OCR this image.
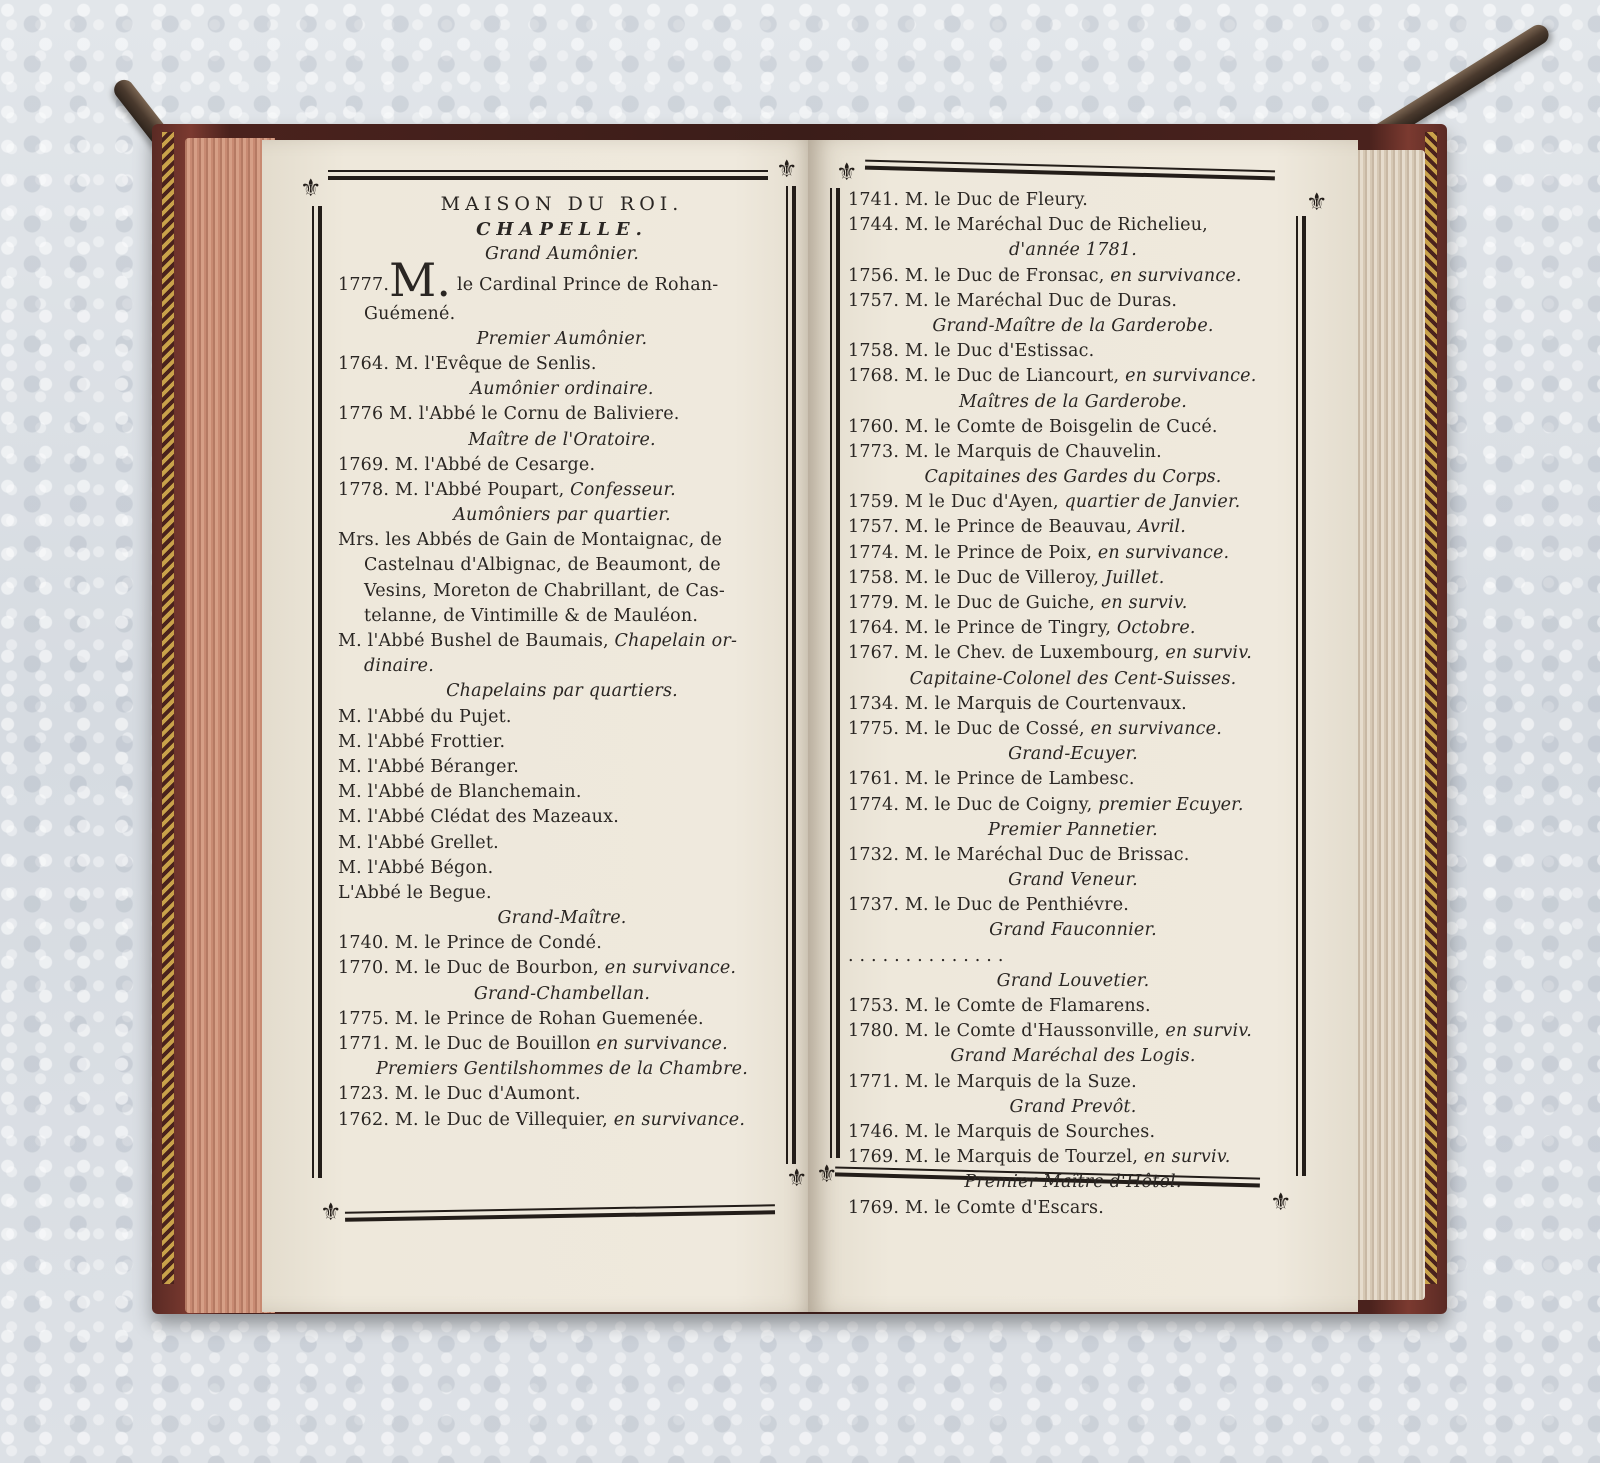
⚜
⚜
⚜
⚜
⚜
⚜
⚜
⚜
MAISON DU ROI.
CHAPELLE.
Grand Aumônier.
1777.M. le Cardinal Prince de Rohan-
Guémené.
Premier Aumônier.
1764. M. l'Evêque de Senlis.
Aumônier ordinaire.
1776 M. l'Abbé le Cornu de Baliviere.
Maître de l'Oratoire.
1769. M. l'Abbé de Cesarge.
1778. M. l'Abbé Poupart, Confesseur.
Aumôniers par quartier.
Mrs. les Abbés de Gain de Montaignac, de
Castelnau d'Albignac, de Beaumont, de
Vesins, Moreton de Chabrillant, de Cas-
telanne, de Vintimille & de Mauléon.
M. l'Abbé Bushel de Baumais, Chapelain or-
dinaire.
Chapelains par quartiers.
M. l'Abbé du Pujet.
M. l'Abbé Frottier.
M. l'Abbé Béranger.
M. l'Abbé de Blanchemain.
M. l'Abbé Clédat des Mazeaux.
M. l'Abbé Grellet.
M. l'Abbé Bégon.
L'Abbé le Begue.
Grand-Maître.
1740. M. le Prince de Condé.
1770. M. le Duc de Bourbon, en survivance.
Grand-Chambellan.
1775. M. le Prince de Rohan Guemenée.
1771. M. le Duc de Bouillon en survivance.
Premiers Gentilshommes de la Chambre.
1723. M. le Duc d'Aumont.
1762. M. le Duc de Villequier, en survivance.
1741. M. le Duc de Fleury.
1744. M. le Maréchal Duc de Richelieu,
d'année 1781.
1756. M. le Duc de Fronsac, en survivance.
1757. M. le Maréchal Duc de Duras.
Grand-Maître de la Garderobe.
1758. M. le Duc d'Estissac.
1768. M. le Duc de Liancourt, en survivance.
Maîtres de la Garderobe.
1760. M. le Comte de Boisgelin de Cucé.
1773. M. le Marquis de Chauvelin.
Capitaines des Gardes du Corps.
1759. M le Duc d'Ayen, quartier de Janvier.
1757. M. le Prince de Beauvau, Avril.
1774. M. le Prince de Poix, en survivance.
1758. M. le Duc de Villeroy, Juillet.
1779. M. le Duc de Guiche, en surviv.
1764. M. le Prince de Tingry, Octobre.
1767. M. le Chev. de Luxembourg, en surviv.
Capitaine-Colonel des Cent-Suisses.
1734. M. le Marquis de Courtenvaux.
1775. M. le Duc de Cossé, en survivance.
Grand-Ecuyer.
1761. M. le Prince de Lambesc.
1774. M. le Duc de Coigny, premier Ecuyer.
Premier Pannetier.
1732. M. le Maréchal Duc de Brissac.
Grand Veneur.
1737. M. le Duc de Penthiévre.
Grand Fauconnier.
. . . . . . . . . . . . . .
Grand Louvetier.
1753. M. le Comte de Flamarens.
1780. M. le Comte d'Haussonville, en surviv.
Grand Maréchal des Logis.
1771. M. le Marquis de la Suze.
Grand Prevôt.
1746. M. le Marquis de Sourches.
1769. M. le Marquis de Tourzel, en surviv.
Premier Maître d'Hôtel.
1769. M. le Comte d'Escars.
